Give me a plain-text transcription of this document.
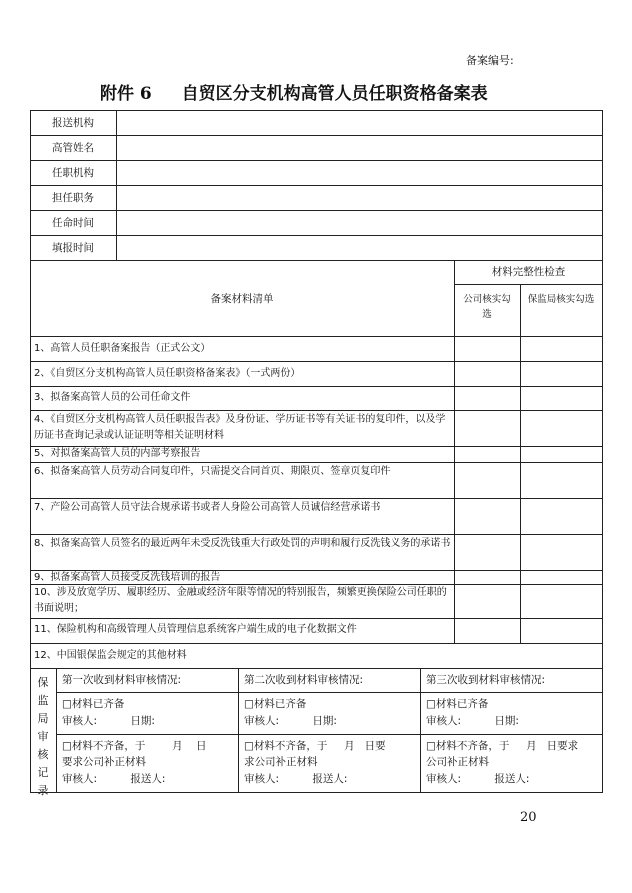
备案编号:
附件 6 自贸区分支机构高管人员任职资格备案表
报送机构
高管姓名
任职机构
担任职务
任命时间
填报时间
备案材料清单
材料完整性检查
公司核实勾选
保监局核实勾选
1、高管人员任职备案报告（正式公文）
2、《自贸区分支机构高管人员任职资格备案表》（一式两份）
3、拟备案高管人员的公司任命文件
4、《自贸区分支机构高管人员任职报告表》及身份证、学历证书等有关证书的复印件，以及学历证书查询记录或认证证明等相关证明材料
5、对拟备案高管人员的内部考察报告
6、拟备案高管人员劳动合同复印件，只需提交合同首页、期限页、签章页复印件
7、产险公司高管人员守法合规承诺书或者人身险公司高管人员诚信经营承诺书
8、拟备案高管人员签名的最近两年未受反洗钱重大行政处罚的声明和履行反洗钱义务的承诺书
9、拟备案高管人员接受反洗钱培训的报告
10、涉及放宽学历、履职经历、金融或经济年限等情况的特别报告，频繁更换保险公司任职的书面说明；
11、保险机构和高级管理人员管理信息系统客户端生成的电子化数据文件
12、中国银保监会规定的其他材料
保
监
局
审
核
记
录
第一次收到材料审核情况:
□材料已齐备
审核人:          日期:
□材料不齐备，于        月    日
要求公司补正材料
审核人:          报送人:
第二次收到材料审核情况:
□材料已齐备
审核人:          日期:
□材料不齐备，于     月   日要
求公司补正材料
审核人:          报送人:
第三次收到材料审核情况:
□材料已齐备
审核人:          日期:
□材料不齐备，于     月   日要求
公司补正材料
审核人:          报送人:
20
